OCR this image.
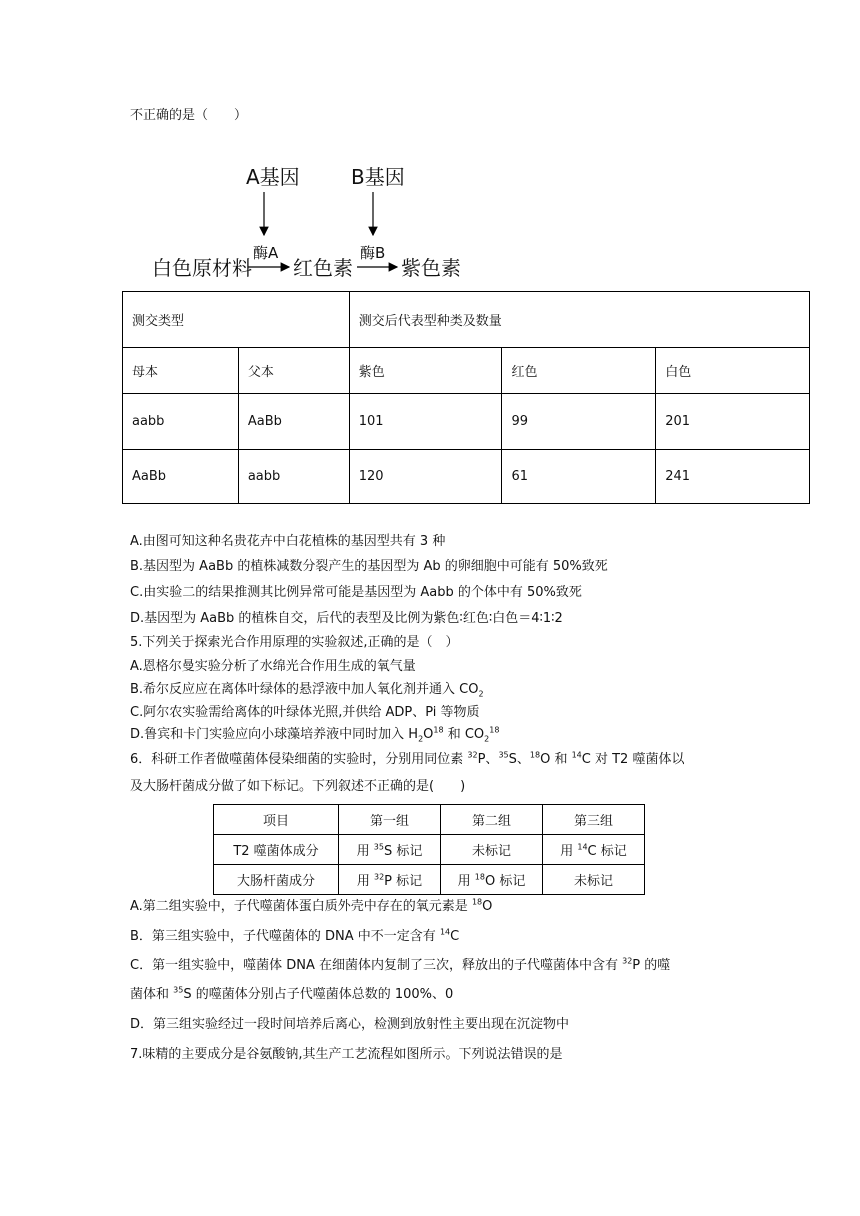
不正确的是（　　）
A基因	B基因
白色原材料
酶A
红色素
酶B
紫色素
测交类型		测交后代表型种类及数量		
母本	父本	紫色	红色	白色
aabb	AaBb	101	99	201
AaBb	aabb	120	61	241
A.由图可知这种名贵花卉中白花植株的基因型共有 3 种
B.基因型为 AaBb 的植株减数分裂产生的基因型为 Ab 的卵细胞中可能有 50%致死
C.由实验二的结果推测其比例异常可能是基因型为 Aabb 的个体中有 50%致死
D.基因型为 AaBb 的植株自交，后代的表型及比例为紫色∶红色∶白色＝4∶1∶2
5.下列关于探索光合作用原理的实验叙述,正确的是（　）
A.恩格尔曼实验分析了水绵光合作用生成的氧气量
B.希尔反应应在离体叶绿体的悬浮液中加人氧化剂并通入 $CO_2$
C.阿尔农实验需给离体的叶绿体光照,并供给 ADP、Pi 等物质
D.鲁宾和卡门实验应向小球藻培养液中同时加入 $H_2O^{18}$ 和 $CO_2^{18}$
6．科研工作者做噬菌体侵染细菌的实验时，分别用同位素 $^{32}$P、$^{35}$S、$^{18}$O 和 $^{14}$C 对 T2 噬菌体以
及大肠杆菌成分做了如下标记。下列叙述不正确的是(　　)
项目	第一组	第二组	第三组
T2 噬菌体成分	用 $^{35}$S 标记	未标记	用 $^{14}$C 标记
大肠杆菌成分	用 $^{32}$P 标记	用 $^{18}$O 标记	未标记
A.第二组实验中，子代噬菌体蛋白质外壳中存在的氧元素是 $^{18}$O
B．第三组实验中，子代噬菌体的 DNA 中不一定含有 $^{14}$C
C．第一组实验中，噬菌体 DNA 在细菌体内复制了三次，释放出的子代噬菌体中含有 $^{32}$P 的噬
菌体和 $^{35}$S 的噬菌体分别占子代噬菌体总数的 100%、0
D．第三组实验经过一段时间培养后离心，检测到放射性主要出现在沉淀物中
7.味精的主要成分是谷氨酸钠,其生产工艺流程如图所示。下列说法错误的是
